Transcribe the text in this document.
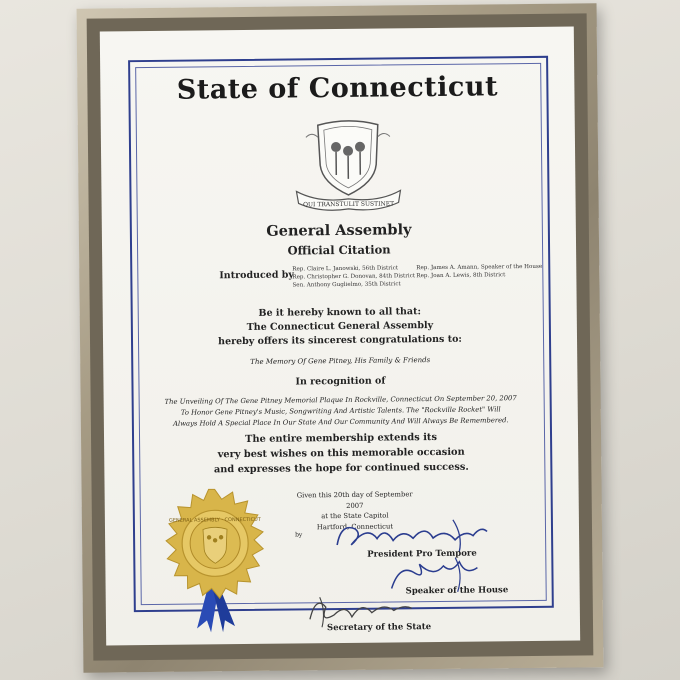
State of Connecticut
QUI TRANSTULIT SUSTINET
General Assembly
Official Citation
Introduced by
Rep. Claire L. Janowski, 56th District
Rep. Christopher G. Donovan, 84th District
Sen. Anthony Guglielmo, 35th District
Rep. James A. Amann, Speaker of the House
Rep. Joan A. Lewis, 8th District
Be it hereby known to all that:
The Connecticut General Assembly
hereby offers its sincerest congratulations to:
The Memory Of Gene Pitney, His Family & Friends
In recognition of
The Unveiling Of The Gene Pitney Memorial Plaque In Rockville, Connecticut On September 20, 2007
To Honor Gene Pitney's Music, Songwriting And Artistic Talents. The "Rockville Rocket" Will
Always Hold A Special Place In Our State And Our Community And Will Always Be Remembered.
The entire membership extends its
very best wishes on this memorable occasion
and expresses the hope for continued success.
Given this 20th day of September 2007
at the State Capitol
Hartford, Connecticut
by
President Pro Tempore
Speaker of the House
Secretary of the State
GENERAL ASSEMBLY · CONNECTICUT
